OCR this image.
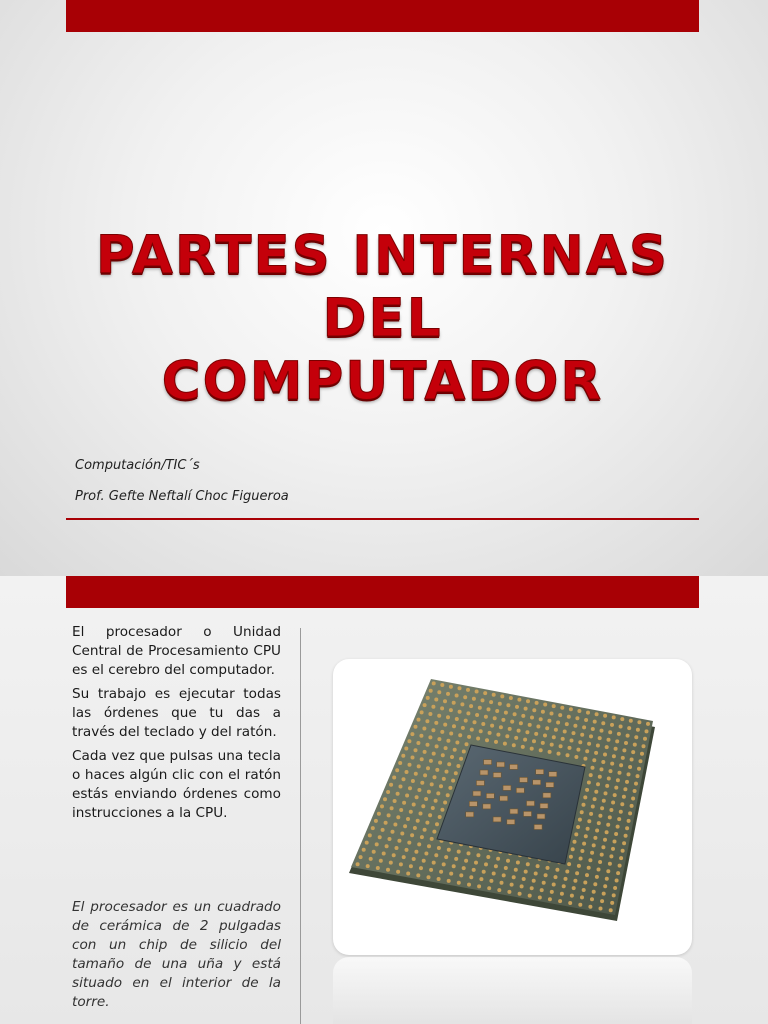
PARTES INTERNAS DEL
COMPUTADOR
Computación/TIC´s
Prof. Gefte Neftalí Choc Figueroa

El procesador o Unidad Central de Procesamiento CPU es el cerebro del computador.

Su trabajo es ejecutar todas las órdenes que tu das a través del teclado y del ratón.

Cada vez que pulsas una tecla o haces algún clic con el ratón estás enviando órdenes como instrucciones a la CPU.

El procesador es un cuadrado de cerámica de 2 pulgadas con un chip de silicio del tamaño de una uña y está situado en el interior de la torre.
